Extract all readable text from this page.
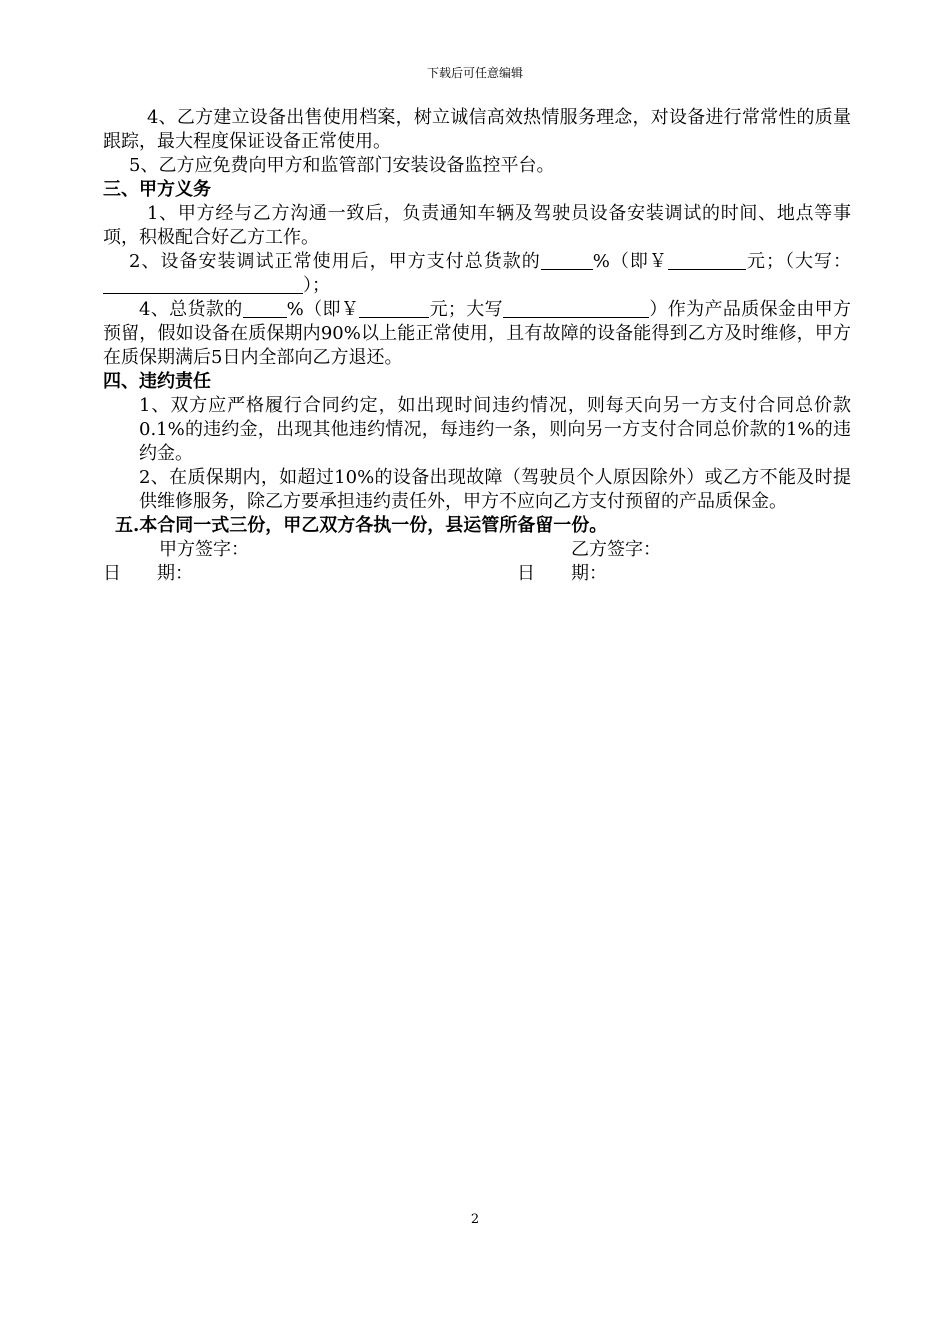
下载后可任意编辑

4、乙方建立设备出售使用档案，树立诚信高效热情服务理念，对设备进行常常性的质量跟踪，最大程度保证设备正常使用。

5、乙方应免费向甲方和监管部门安装设备监控平台。

三、甲方义务

1、甲方经与乙方沟通一致后，负责通知车辆及驾驶员设备安装调试的时间、地点等事项，积极配合好乙方工作。

2、设备安装调试正常使用后，甲方支付总货款的	%（即￥	元；（大写：）；

4、总货款的 %（即￥	元；大写	）作为产品质保金由甲方预留，假如设备在质保期内90%以上能正常使用，且有故障的设备能得到乙方及时维修，甲方在质保期满后5日内全部向乙方退还。

四、违约责任

1、双方应严格履行合同约定，如出现时间违约情况，则每天向另一方支付合同总价款0.1%的违约金，出现其他违约情况，每违约一条，则向另一方支付合同总价款的1%的违约金。

2、在质保期内，如超过10%的设备出现故障（驾驶员个人原因除外）或乙方不能及时提供维修服务，除乙方要承担违约责任外，甲方不应向乙方支付预留的产品质保金。

五.本合同一式三份，甲乙双方各执一份，县运管所备留一份。

甲方签字：	乙方签字：
日　　期：	日　　期：
2
